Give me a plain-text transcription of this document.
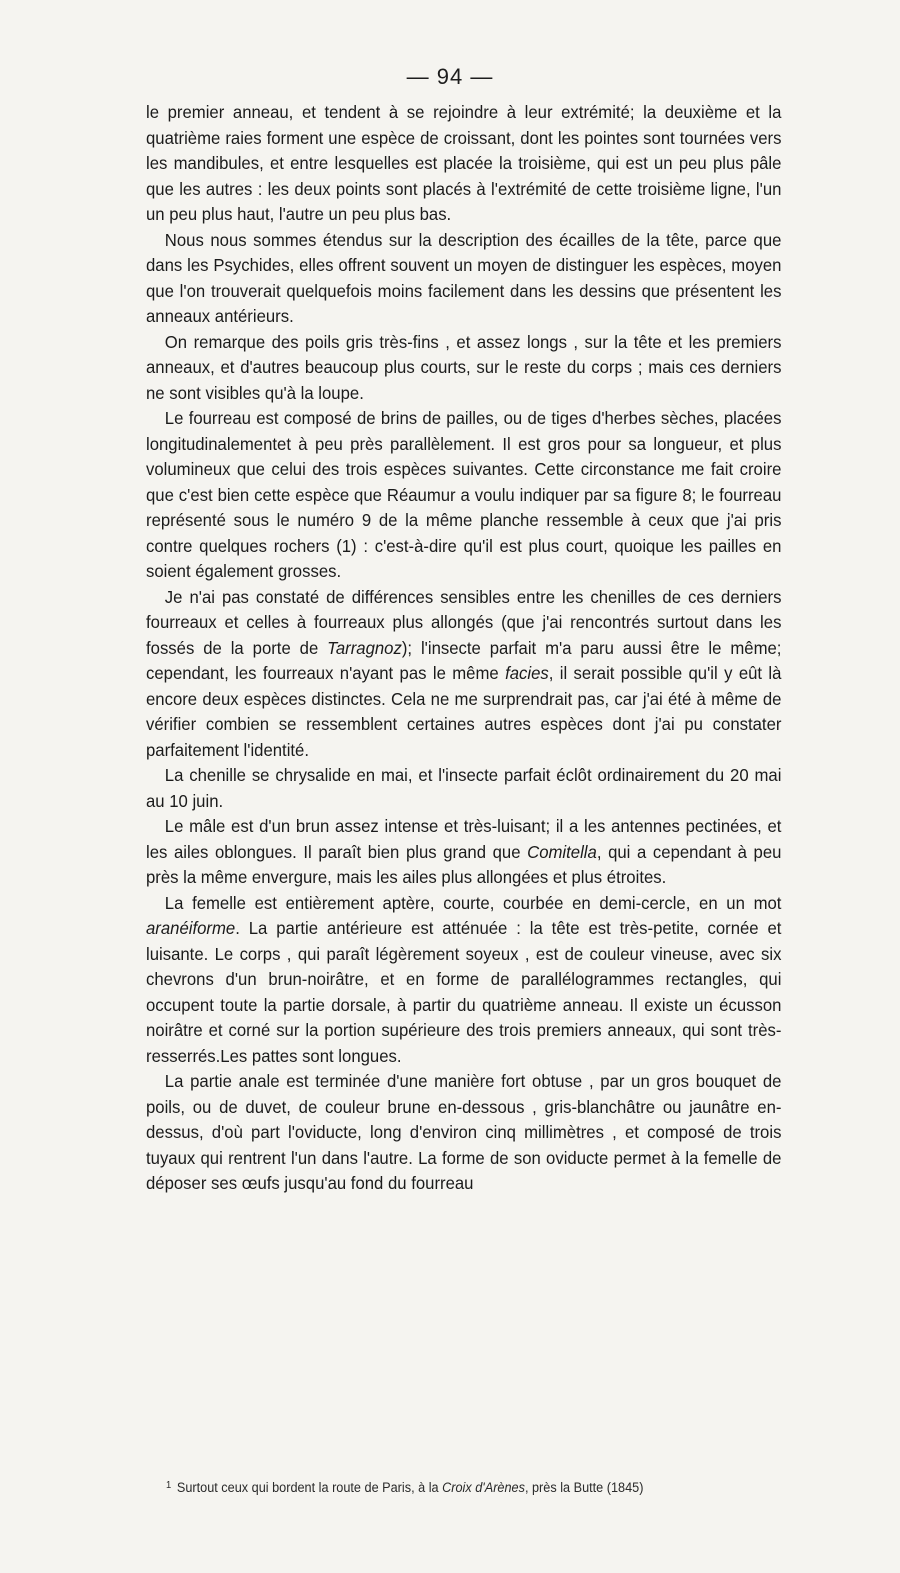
— 94 —

le premier anneau, et tendent à se rejoindre à leur extrémité; la deuxième et la quatrième raies forment une espèce de croissant, dont les pointes sont tournées vers les mandibules, et entre lesquelles est placée la troisième, qui est un peu plus pâle que les autres : les deux points sont placés à l'extrémité de cette troisième ligne, l'un un peu plus haut, l'autre un peu plus bas.

Nous nous sommes étendus sur la description des écailles de la tête, parce que dans les Psychides, elles offrent souvent un moyen de distinguer les espèces, moyen que l'on trouverait quelquefois moins facilement dans les dessins que présentent les anneaux antérieurs.

On remarque des poils gris très-fins , et assez longs , sur la tête et les premiers anneaux, et d'autres beaucoup plus courts, sur le reste du corps ; mais ces derniers ne sont visibles qu'à la loupe.

Le fourreau est composé de brins de pailles, ou de tiges d'herbes sèches, placées longitudinalementet à peu près parallèlement. Il est gros pour sa longueur, et plus volumineux que celui des trois espèces suivantes. Cette circonstance me fait croire que c'est bien cette espèce que Réaumur a voulu indiquer par sa figure 8; le fourreau représenté sous le numéro 9 de la même planche ressemble à ceux que j'ai pris contre quelques rochers (1) : c'est-à-dire qu'il est plus court, quoique les pailles en soient également grosses.

Je n'ai pas constaté de différences sensibles entre les chenilles de ces derniers fourreaux et celles à fourreaux plus allongés (que j'ai rencontrés surtout dans les fossés de la porte de Tarragnoz); l'insecte parfait m'a paru aussi être le même; cependant, les fourreaux n'ayant pas le même facies, il serait possible qu'il y eût là encore deux espèces distinctes. Cela ne me surprendrait pas, car j'ai été à même de vérifier combien se ressemblent certaines autres espèces dont j'ai pu constater parfaitement l'identité.

La chenille se chrysalide en mai, et l'insecte parfait éclôt ordinairement du 20 mai au 10 juin.

Le mâle est d'un brun assez intense et très-luisant; il a les antennes pectinées, et les ailes oblongues. Il paraît bien plus grand que Comitella, qui a cependant à peu près la même envergure, mais les ailes plus allongées et plus étroites.

La femelle est entièrement aptère, courte, courbée en demi-cercle, en un mot aranéiforme. La partie antérieure est atténuée : la tête est très-petite, cornée et luisante. Le corps , qui paraît légèrement soyeux , est de couleur vineuse, avec six chevrons d'un brun-noirâtre, et en forme de parallélogrammes rectangles, qui occupent toute la partie dorsale, à partir du quatrième anneau. Il existe un écusson noirâtre et corné sur la portion supérieure des trois premiers anneaux, qui sont très-resserrés.Les pattes sont longues.

La partie anale est terminée d'une manière fort obtuse , par un gros bouquet de poils, ou de duvet, de couleur brune en-dessous , gris-blanchâtre ou jaunâtre en-dessus, d'où part l'oviducte, long d'environ cinq millimètres , et composé de trois tuyaux qui rentrent l'un dans l'autre. La forme de son oviducte permet à la femelle de déposer ses œufs jusqu'au fond du fourreau

$^1$ Surtout ceux qui bordent la route de Paris, à la Croix d'Arènes, près la Butte (1845)
